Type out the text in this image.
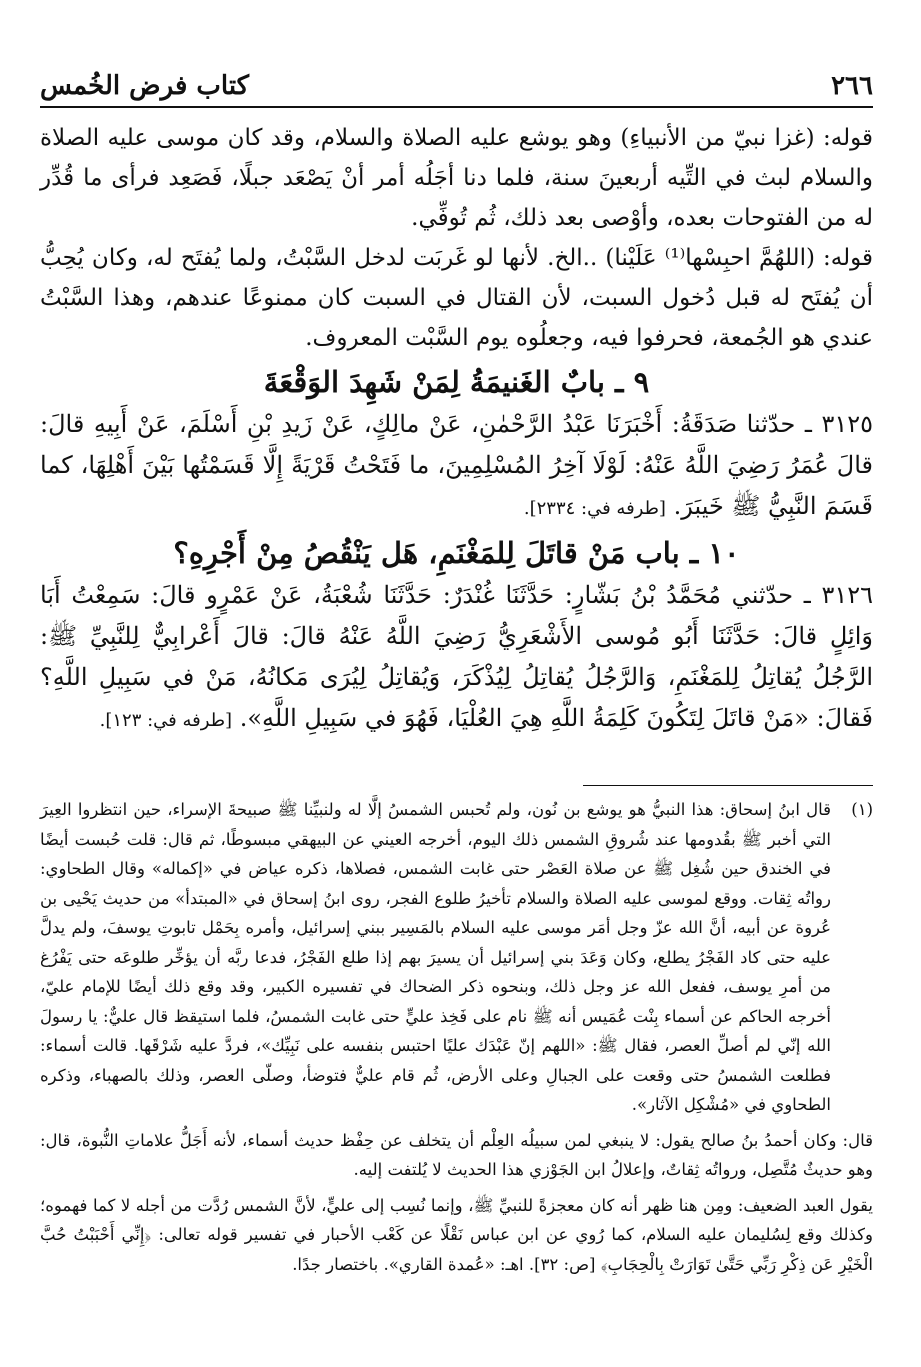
٢٦٦
كتاب فرض الخُمس

قوله: (غزا نبيّ من الأنبياءِ) وهو يوشع عليه الصلاة والسلام، وقد كان موسى عليه الصلاة والسلام لبث في التِّيه أربعينَ سنة، فلما دنا أجَلُه أمر أنْ يَصْعَد جبلًا، فَصَعِد فرأى ما قُدِّر له من الفتوحات بعده، وأوْصى بعد ذلك، ثُم تُوفِّي.

قوله: (اللهُمَّ احبِسْها⁽¹⁾ عَلَيْنا) ..الخ. لأنها لو غَربَت لدخل السَّبْتُ، ولما يُفتَح له، وكان يُحِبُّ أن يُفتَح له قبل دُخول السبت، لأن القتال في السبت كان ممنوعًا عندهم، وهذا السَّبْتُ عندي هو الجُمعة، فحرفوا فيه، وجعلُوه يوم السَّبْت المعروف.

٩ ـ بابٌ الغَنيمَةُ لِمَنْ شَهِدَ الوَقْعَةَ

٣١٢٥ ـ حدّثنا صَدَقَةُ: أَخْبَرَنَا عَبْدُ الرَّحْمٰنِ، عَنْ مالِكٍ، عَنْ زَيدِ بْنِ أَسْلَمَ، عَنْ أَبِيهِ قالَ: قالَ عُمَرُ رَضِيَ اللَّهُ عَنْهُ: لَوْلَا آخِرُ المُسْلِمِينَ، ما فَتَحْتُ قَرْيَةً إِلَّا قَسَمْتُها بَيْنَ أَهْلِهَا، كما قَسَمَ النَّبِيُّ ﷺ خَيبَرَ. [طرفه في: ٢٣٣٤].

١٠ ـ باب مَنْ قاتَلَ لِلمَغْنَمِ، هَل يَنْقُصُ مِنْ أَجْرِهِ؟

٣١٢٦ ـ حدّثني مُحَمَّدُ بْنُ بَشّارٍ: حَدَّثَنَا غُنْدَرٌ: حَدَّثَنَا شُعْبَةُ، عَنْ عَمْرٍو قالَ: سَمِعْتُ أَبَا وَائِلٍ قالَ: حَدَّثَنَا أَبُو مُوسى الأَشْعَرِيُّ رَضِيَ اللَّهُ عَنْهُ قالَ: قالَ أَعْرابِيٌّ لِلنَّبِيِّ ﷺ: الرَّجُلُ يُقاتِلُ لِلمَغْنَمِ، وَالرَّجُلُ يُقاتِلُ لِيُذْكَرَ، وَيُقاتِلُ لِيُرَى مَكانُهُ، مَنْ في سَبِيلِ اللَّهِ؟ فَقالَ: «مَنْ قاتَلَ لِتَكُونَ كَلِمَةُ اللَّهِ هِيَ العُلْيَا، فَهُوَ في سَبِيلِ اللَّهِ». [طرفه في: ١٢٣].

(١)
قال ابنُ إسحاق: هذا النبيُّ هو يوشع بن نُون، ولم تُحبس الشمسُ إلَّا له ولنبيِّنا ﷺ صبيحةَ الإسراء، حين انتظروا العِيرَ التي أخبر ﷺ بقُدومها عند شُروقِ الشمس ذلك اليوم، أخرجه العيني عن البيهقي مبسوطًا، ثم قال: قلت حُبست أيضًا في الخندق حين شُغِل ﷺ عن صلاة العَصْر حتى غابت الشمس، فصلاها، ذكره عياض في «إكماله» وقال الطحاوي: رواتُه ثِقات. ووقع لموسى عليه الصلاة والسلام تأخيرُ طلوع الفجر، روى ابنُ إسحاق في «المبتدأ» من حديث يَحْيى بن عُروة عن أبيه، أنَّ الله عزّ وجل أمَر موسى عليه السلام بالمَسِير ببني إسرائيل، وأمره بِحَمْل تابوتِ يوسفَ، ولم يدلَّ عليه حتى كاد الفَجْرُ يطلع، وكان وَعَدَ بني إسرائيل أن يسيرَ بهم إذا طلع الفَجْرُ، فدعا ربَّه أن يؤخِّر طلوعَه حتى يَفْرُغ من أمرِ يوسف، ففعل الله عز وجل ذلك، وبنحوه ذكر الضحاك في تفسيره الكبير، وقد وقع ذلك أيضًا للإمام عليّ، أخرجه الحاكم عن أسماء بِنْت عُمَيس أنه ﷺ نام على فَخِذ عليٍّ حتى غابت الشمسُ، فلما استيقظ قال عليٌّ: يا رسولَ الله إنّي لم أصلِّ العصر، فقال ﷺ: «اللهم إنّ عَبْدَك عليًا احتبس بنفسه على نَبِيِّك»، فردَّ عليه شَرْقَها. قالت أسماء: فطلعت الشمسُ حتى وقعت على الجبالِ وعلى الأرض، ثُم قام عليٌّ فتوضأ، وصلّى العصر، وذلك بالصهباء، وذكره الطحاوي في «مُشْكِل الآثار».

قال: وكان أحمدُ بنُ صالح يقول: لا ينبغي لمن سبيلُه العِلْم أن يتخلف عن حِفْظ حديث أسماء، لأنه أَجَلُّ علاماتِ النُّبوة، قال: وهو حديثٌ مُتَّصِل، ورواتُه ثِقاتٌ، وإعلالُ ابن الجَوْزي هذا الحديث لا يُلتفت إليه.

يقول العبد الضعيف: ومِن هنا ظهر أنه كان معجزةً للنبيِّ ﷺ، وإنما نُسِب إلى عليٍّ، لأنَّ الشمس رُدَّت من أجله لا كما فهموه؛ وكذلك وقع لِسُليمان عليه السلام، كما رُوي عن ابن عباس نَقْلًا عن كَعْب الأحبار في تفسير قوله تعالى: ﴿إِنِّي أَحْبَبْتُ حُبَّ الْخَيْرِ عَن ذِكْرِ رَبِّي حَتَّىٰ تَوَارَتْ بِالْحِجَابِ﴾ [ص: ٣٢]. اهـ: «عُمدة القاري». باختصار جدًا.
